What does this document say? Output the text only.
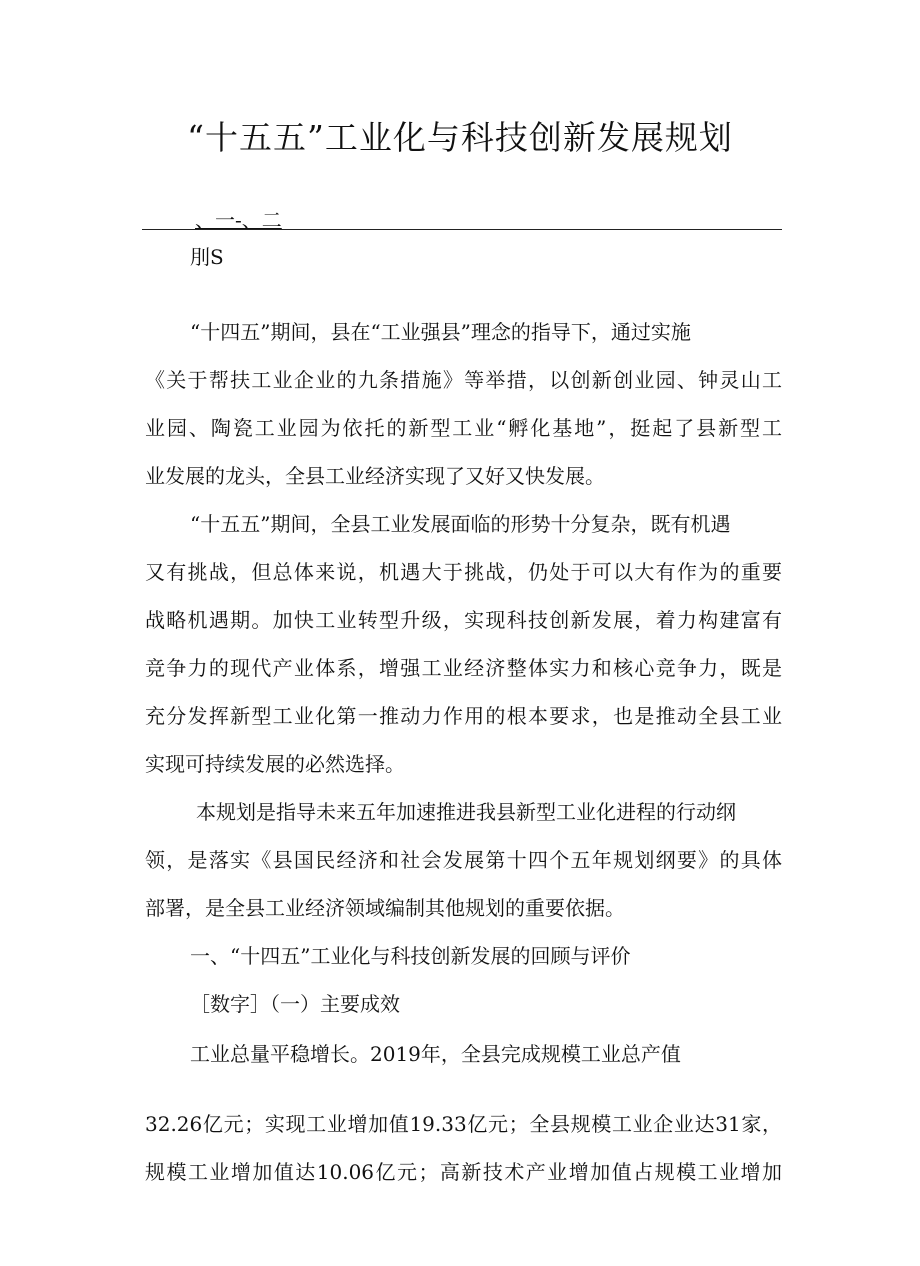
“十五五”工业化与科技创新发展规划
、一-、二
刖S
“十四五”期间，县在“工业强县”理念的指导下，通过实施
《关于帮扶工业企业的九条措施》等举措，以创新创业园、钟灵山工
业园、陶瓷工业园为依托的新型工业“孵化基地”，挺起了县新型工
业发展的龙头，全县工业经济实现了又好又快发展。
“十五五”期间，全县工业发展面临的形势十分复杂，既有机遇
又有挑战，但总体来说，机遇大于挑战，仍处于可以大有作为的重要
战略机遇期。加快工业转型升级，实现科技创新发展，着力构建富有
竞争力的现代产业体系，增强工业经济整体实力和核心竞争力，既是
充分发挥新型工业化第一推动力作用的根本要求，也是推动全县工业
实现可持续发展的必然选择。
本规划是指导未来五年加速推进我县新型工业化进程的行动纲
领，是落实《县国民经济和社会发展第十四个五年规划纲要》的具体
部署，是全县工业经济领域编制其他规划的重要依据。
一、“十四五”工业化与科技创新发展的回顾与评价
［数字］（一）主要成效
工业总量平稳增长。2019年，全县完成规模工业总产值
32.26亿元；实现工业增加值19.33亿元；全县规模工业企业达31家，
规模工业增加值达10.06亿元；高新技术产业增加值占规模工业增加
